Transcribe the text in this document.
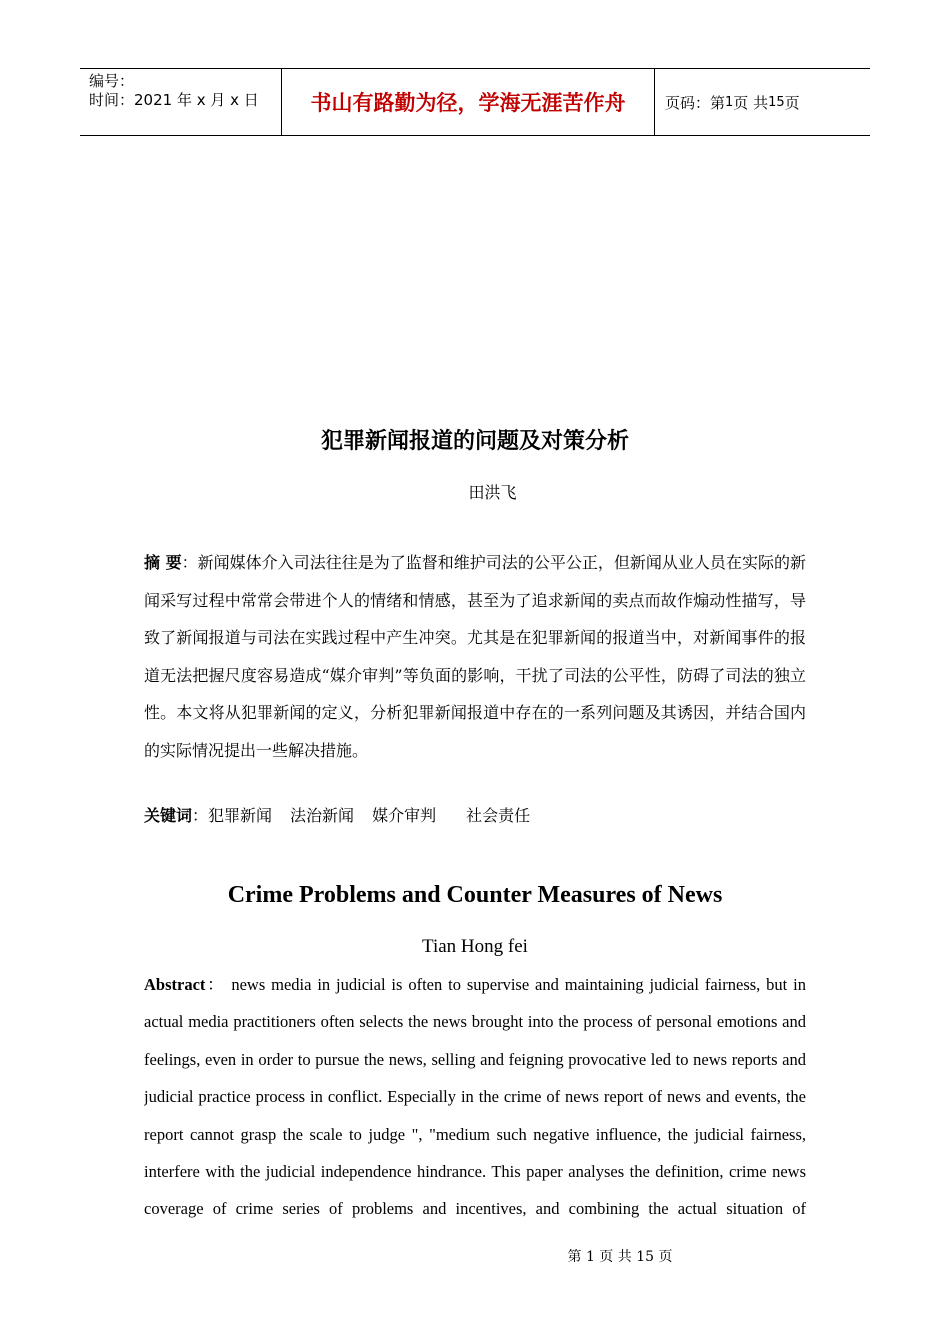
编号：
时间：2021 年 x 月 x 日	书山有路勤为径，学海无涯苦作舟	页码：第 1 页 共 15 页
犯罪新闻报道的问题及对策分析
田洪飞
摘 要：新闻媒体介入司法往往是为了监督和维护司法的公平公正，但新闻从业人员在实际的新闻采写过程中常常会带进个人的情绪和情感，甚至为了追求新闻的卖点而故作煽动性描写，导致了新闻报道与司法在实践过程中产生冲突。尤其是在犯罪新闻的报道当中，对新闻事件的报道无法把握尺度容易造成“媒介审判”等负面的影响，干扰了司法的公平性，防碍了司法的独立性。本文将从犯罪新闻的定义，分析犯罪新闻报道中存在的一系列问题及其诱因，并结合国内的实际情况提出一些解决措施。
关键词：犯罪新闻 法治新闻 媒介审判 社会责任
Crime Problems and Counter Measures of News
Tian Hong fei
Abstract： news media in judicial is often to supervise and maintaining judicial fairness, but in actual media practitioners often selects the news brought into the process of personal emotions and feelings, even in order to pursue the news, selling and feigning provocative led to news reports and judicial practice process in conflict. Especially in the crime of news report of news and events, the report cannot grasp the scale to judge ", "medium such negative influence, the judicial fairness, interfere with the judicial independence hindrance. This paper analyses the definition, crime news coverage of crime series of problems and incentives, and combining the actual situation of
第 1 页 共 15 页
